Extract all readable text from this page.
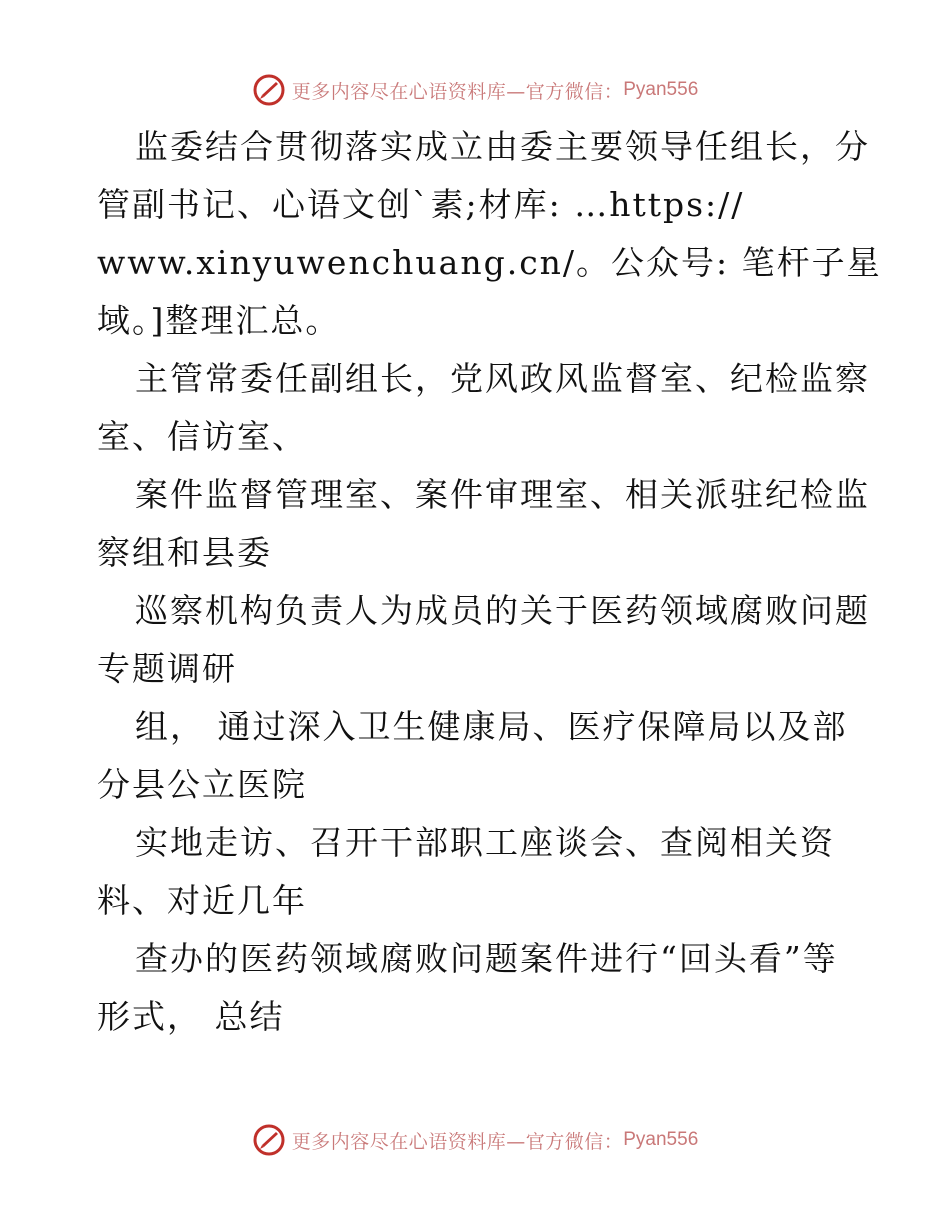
更多内容尽在心语资料库—官方微信： Pyan556
监委结合贯彻落实成立由委主要领导任组长，分
管副书记、心语文创`素;材库: …https://
www.xinyuwenchuang.cn/。公众号: 笔杆子星
域。]整理汇总。
主管常委任副组长，党风政风监督室、纪检监察
室、信访室、
案件监督管理室、案件审理室、相关派驻纪检监
察组和县委
巡察机构负责人为成员的关于医药领域腐败问题
专题调研
组， 通过深入卫生健康局、医疗保障局以及部
分县公立医院
实地走访、召开干部职工座谈会、查阅相关资
料、对近几年
查办的医药领域腐败问题案件进行“回头看”等
形式， 总结
更多内容尽在心语资料库—官方微信： Pyan556
